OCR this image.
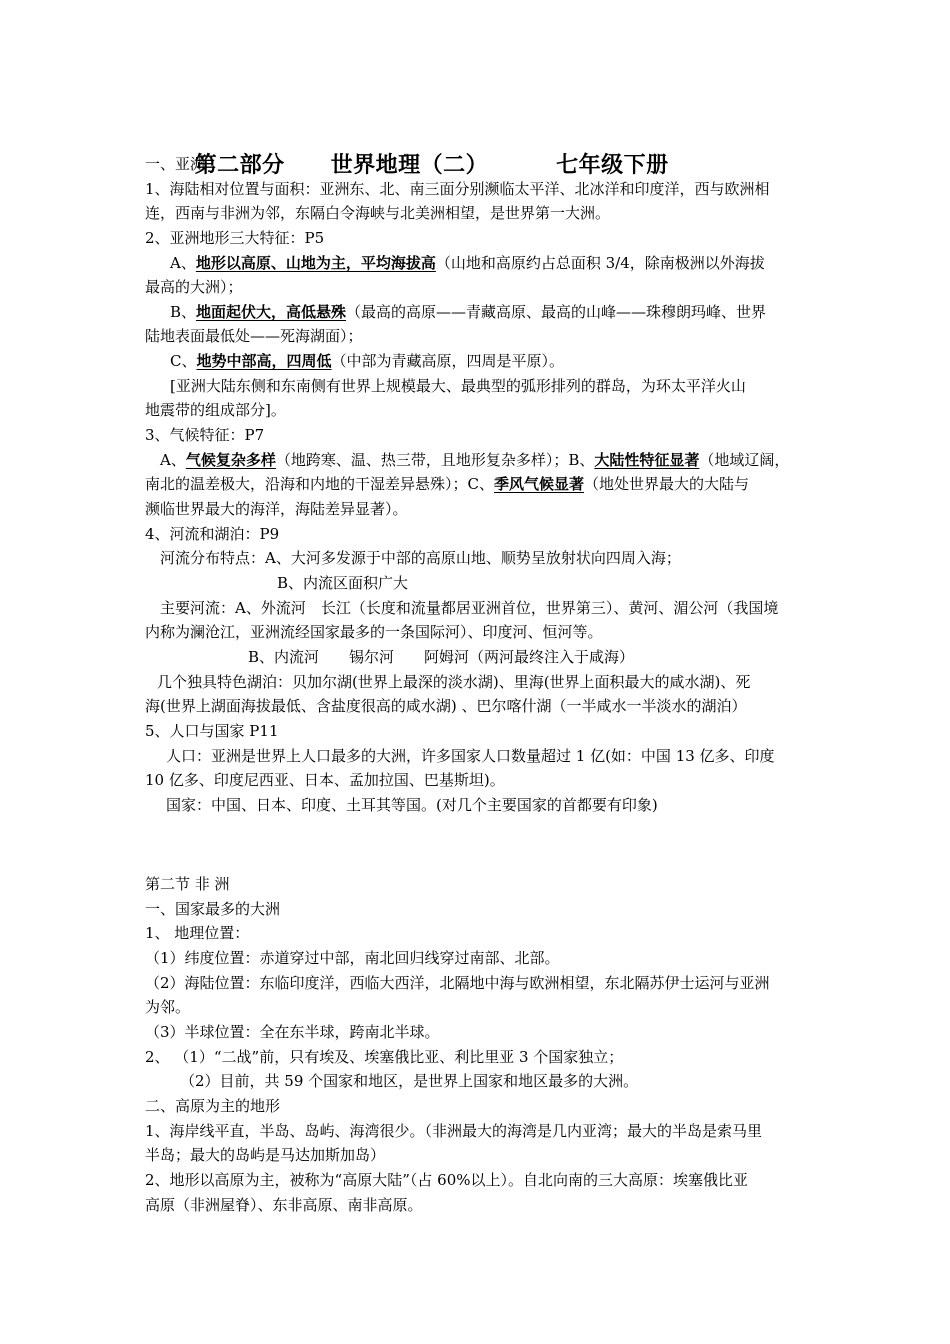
第二部分 世界地理（二）	七年级下册

一、亚洲
1、海陆相对位置与面积：亚洲东、北、南三面分别濒临太平洋、北冰洋和印度洋，西与欧洲相
连，西南与非洲为邻，东隔白令海峡与北美洲相望，是世界第一大洲。
2、亚洲地形三大特征：P5
A、地形以高原、山地为主，平均海拔高（山地和高原约占总面积 3/4，除南极洲以外海拔
最高的大洲）；
B、地面起伏大，高低悬殊（最高的高原——青藏高原、最高的山峰——珠穆朗玛峰、世界
陆地表面最低处——死海湖面）；
C、地势中部高，四周低（中部为青藏高原，四周是平原）。
[亚洲大陆东侧和东南侧有世界上规模最大、最典型的弧形排列的群岛，为环太平洋火山
地震带的组成部分]。
3、气候特征：P7
A、气候复杂多样（地跨寒、温、热三带，且地形复杂多样）；B、大陆性特征显著（地域辽阔，
南北的温差极大，沿海和内地的干湿差异悬殊）；C、季风气候显著（地处世界最大的大陆与
濒临世界最大的海洋，海陆差异显著）。
4、河流和湖泊：P9
河流分布特点：A、大河多发源于中部的高原山地、顺势呈放射状向四周入海；
B、内流区面积广大
主要河流：A、外流河　长江（长度和流量都居亚洲首位，世界第三）、黄河、湄公河（我国境
内称为澜沧江，亚洲流经国家最多的一条国际河）、印度河、恒河等。
B、内流河　　锡尔河　　阿姆河（两河最终注入于咸海）
几个独具特色湖泊：贝加尔湖(世界上最深的淡水湖)、里海(世界上面积最大的咸水湖)、死
海(世界上湖面海拔最低、含盐度很高的咸水湖) 、巴尔喀什湖（一半咸水一半淡水的湖泊）
5、人口与国家 P11
人口：亚洲是世界上人口最多的大洲，许多国家人口数量超过 1 亿(如：中国 13 亿多、印度
10 亿多、印度尼西亚、日本、孟加拉国、巴基斯坦)。
国家：中国、日本、印度、土耳其等国。(对几个主要国家的首都要有印象)
第二节 非 洲
一、国家最多的大洲
1、 地理位置：
（1）纬度位置：赤道穿过中部，南北回归线穿过南部、北部。
（2）海陆位置：东临印度洋，西临大西洋，北隔地中海与欧洲相望，东北隔苏伊士运河与亚洲
为邻。
（3）半球位置：全在东半球，跨南北半球。
2、 （1）“二战”前，只有埃及、埃塞俄比亚、利比里亚 3 个国家独立；
（2）目前，共 59 个国家和地区，是世界上国家和地区最多的大洲。
二、高原为主的地形
1、海岸线平直，半岛、岛屿、海湾很少。（非洲最大的海湾是几内亚湾；最大的半岛是索马里
半岛；最大的岛屿是马达加斯加岛）
2、地形以高原为主，被称为“高原大陆”（占 60%以上）。自北向南的三大高原：埃塞俄比亚
高原（非洲屋脊）、东非高原、南非高原。
